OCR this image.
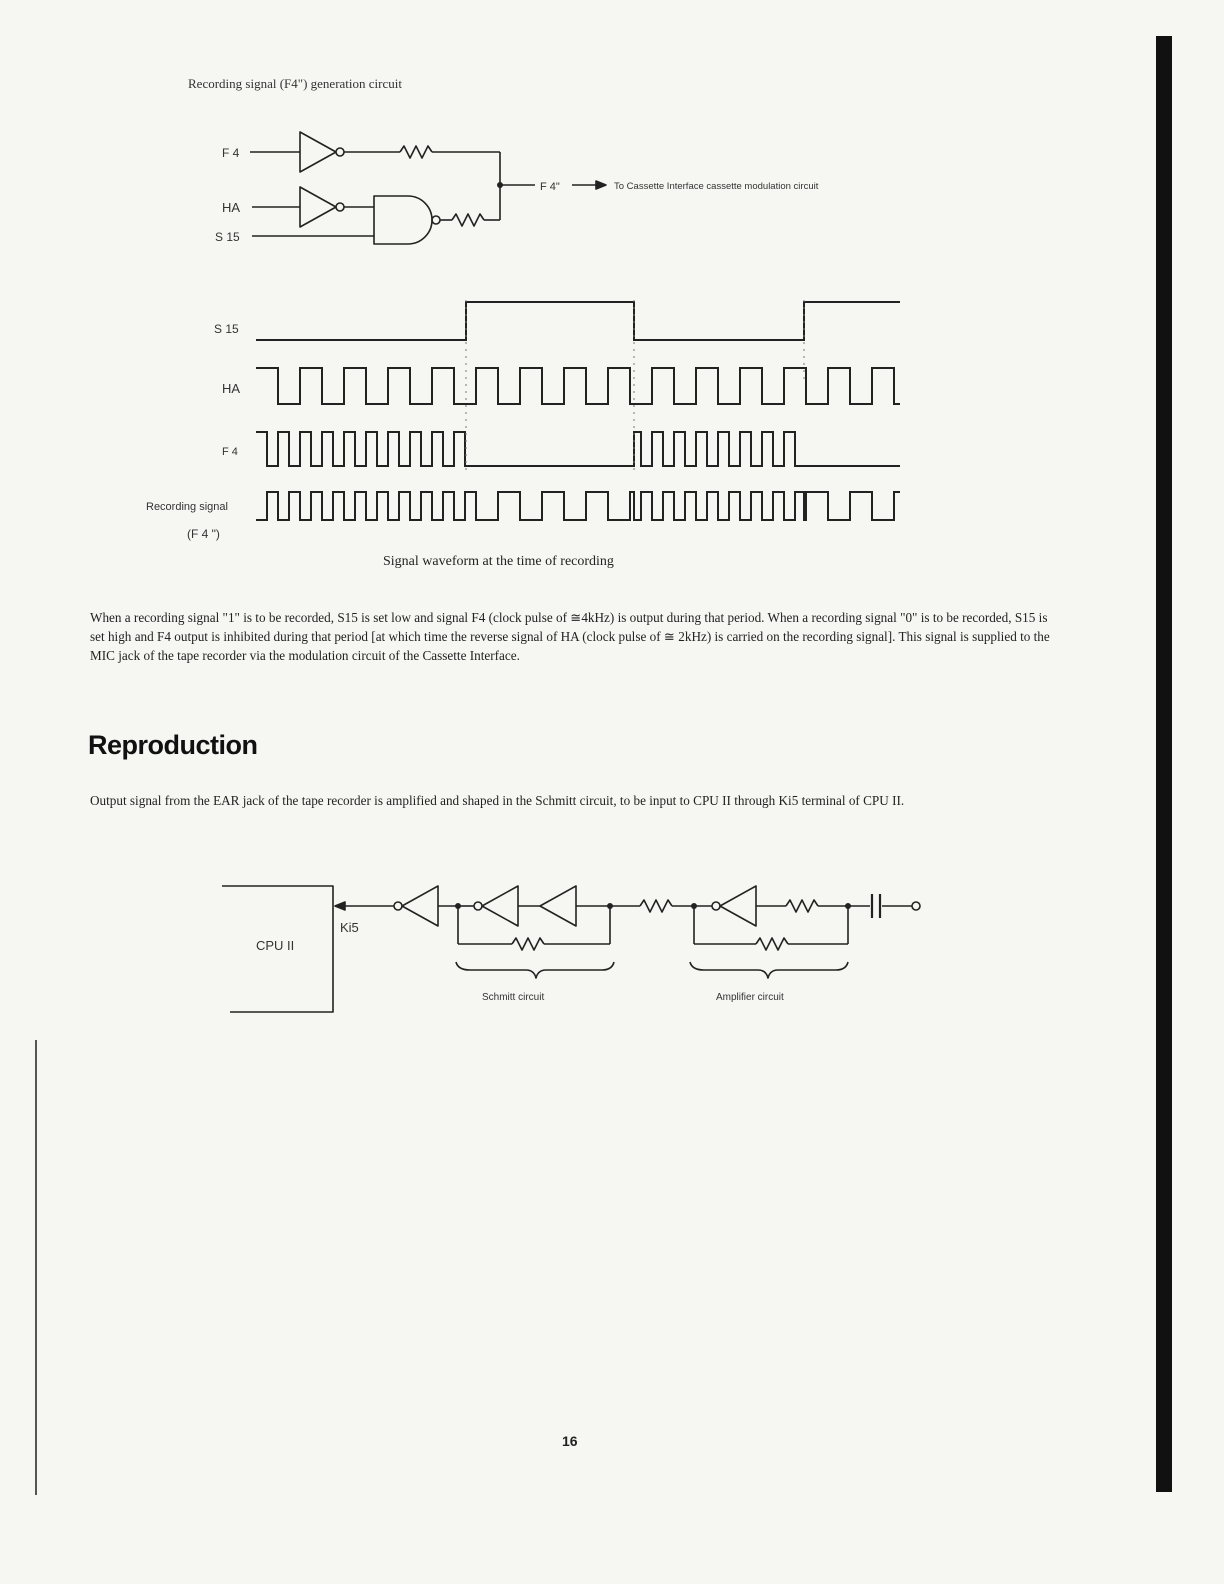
Recording signal (F4") generation circuit
F 4
HA
S 15
F 4"	To Cassette Interface cassette modulation circuit
S 15
HA
F 4
Recording signal
(F 4 ")
CPU II
Ki5
Schmitt circuit	Amplifier circuit
Signal waveform at the time of recording

When a recording signal "1" is to be recorded, S15 is set low and signal F4 (clock pulse of ≅4kHz) is output during that period. When a recording signal "0" is to be recorded, S15 is set high and F4 output is inhibited during that period [at which time the reverse signal of HA (clock pulse of ≅ 2kHz) is carried on the recording signal]. This signal is supplied to the MIC jack of the tape recorder via the modulation circuit of the Cassette Interface.

Reproduction

Output signal from the EAR jack of the tape recorder is amplified and shaped in the Schmitt circuit, to be input to CPU II through Ki5 terminal of CPU II.

16
